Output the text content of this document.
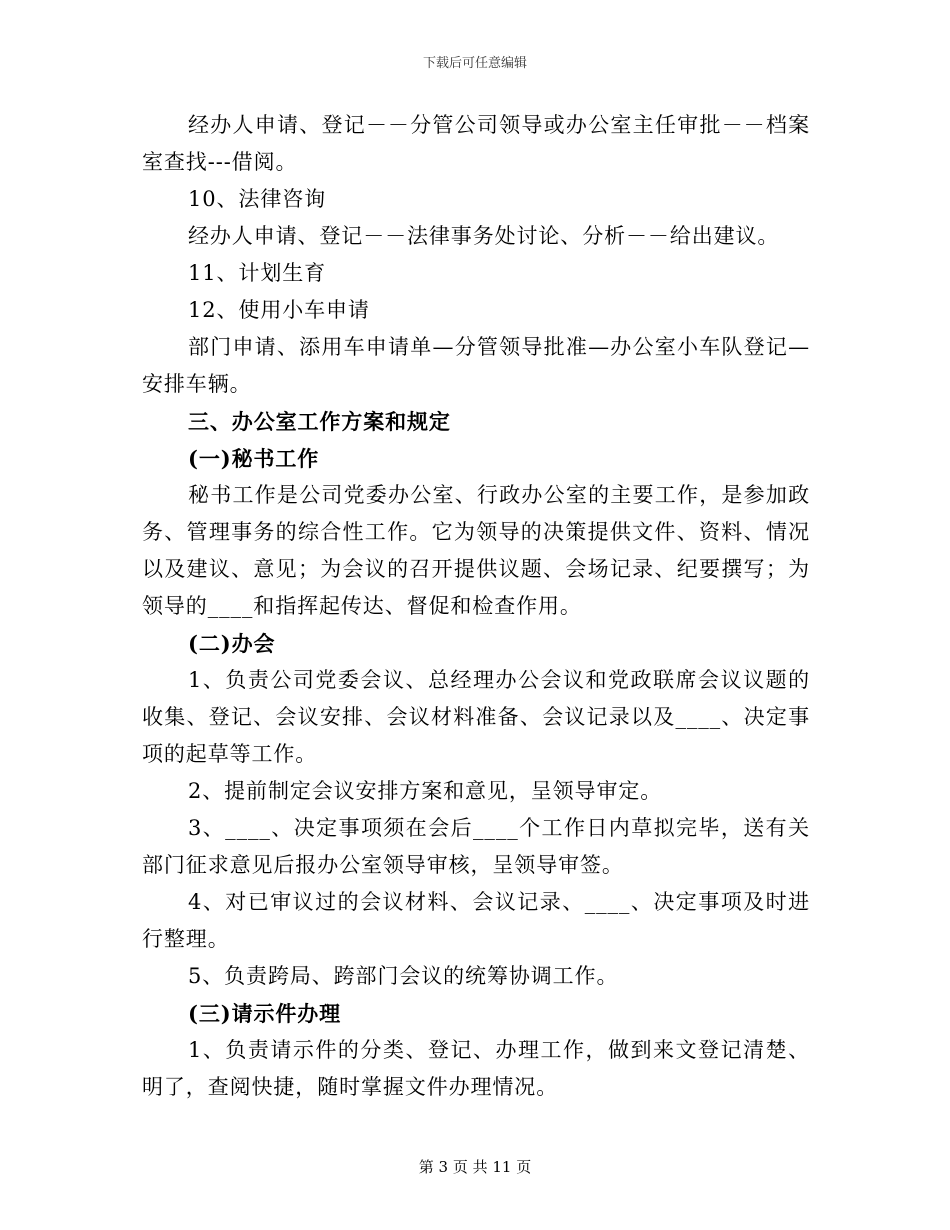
下载后可任意编辑

经办人申请、登记－－分管公司领导或办公室主任审批－－档案室查找---借阅。

10、法律咨询

经办人申请、登记－－法律事务处讨论、分析－－给出建议。

11、计划生育

12、使用小车申请

部门申请、添用车申请单—分管领导批准—办公室小车队登记—安排车辆。

三、办公室工作方案和规定

(一)秘书工作

秘书工作是公司党委办公室、行政办公室的主要工作，是参加政务、管理事务的综合性工作。它为领导的决策提供文件、资料、情况以及建议、意见；为会议的召开提供议题、会场记录、纪要撰写；为领导的____和指挥起传达、督促和检查作用。

(二)办会

1、负责公司党委会议、总经理办公会议和党政联席会议议题的收集、登记、会议安排、会议材料准备、会议记录以及____、决定事项的起草等工作。

2、提前制定会议安排方案和意见，呈领导审定。

3、____、决定事项须在会后____个工作日内草拟完毕，送有关部门征求意见后报办公室领导审核，呈领导审签。

4、对已审议过的会议材料、会议记录、____、决定事项及时进行整理。

5、负责跨局、跨部门会议的统筹协调工作。

(三)请示件办理

1、负责请示件的分类、登记、办理工作，做到来文登记清楚、明了，查阅快捷，随时掌握文件办理情况。

第 3 页 共 11 页
